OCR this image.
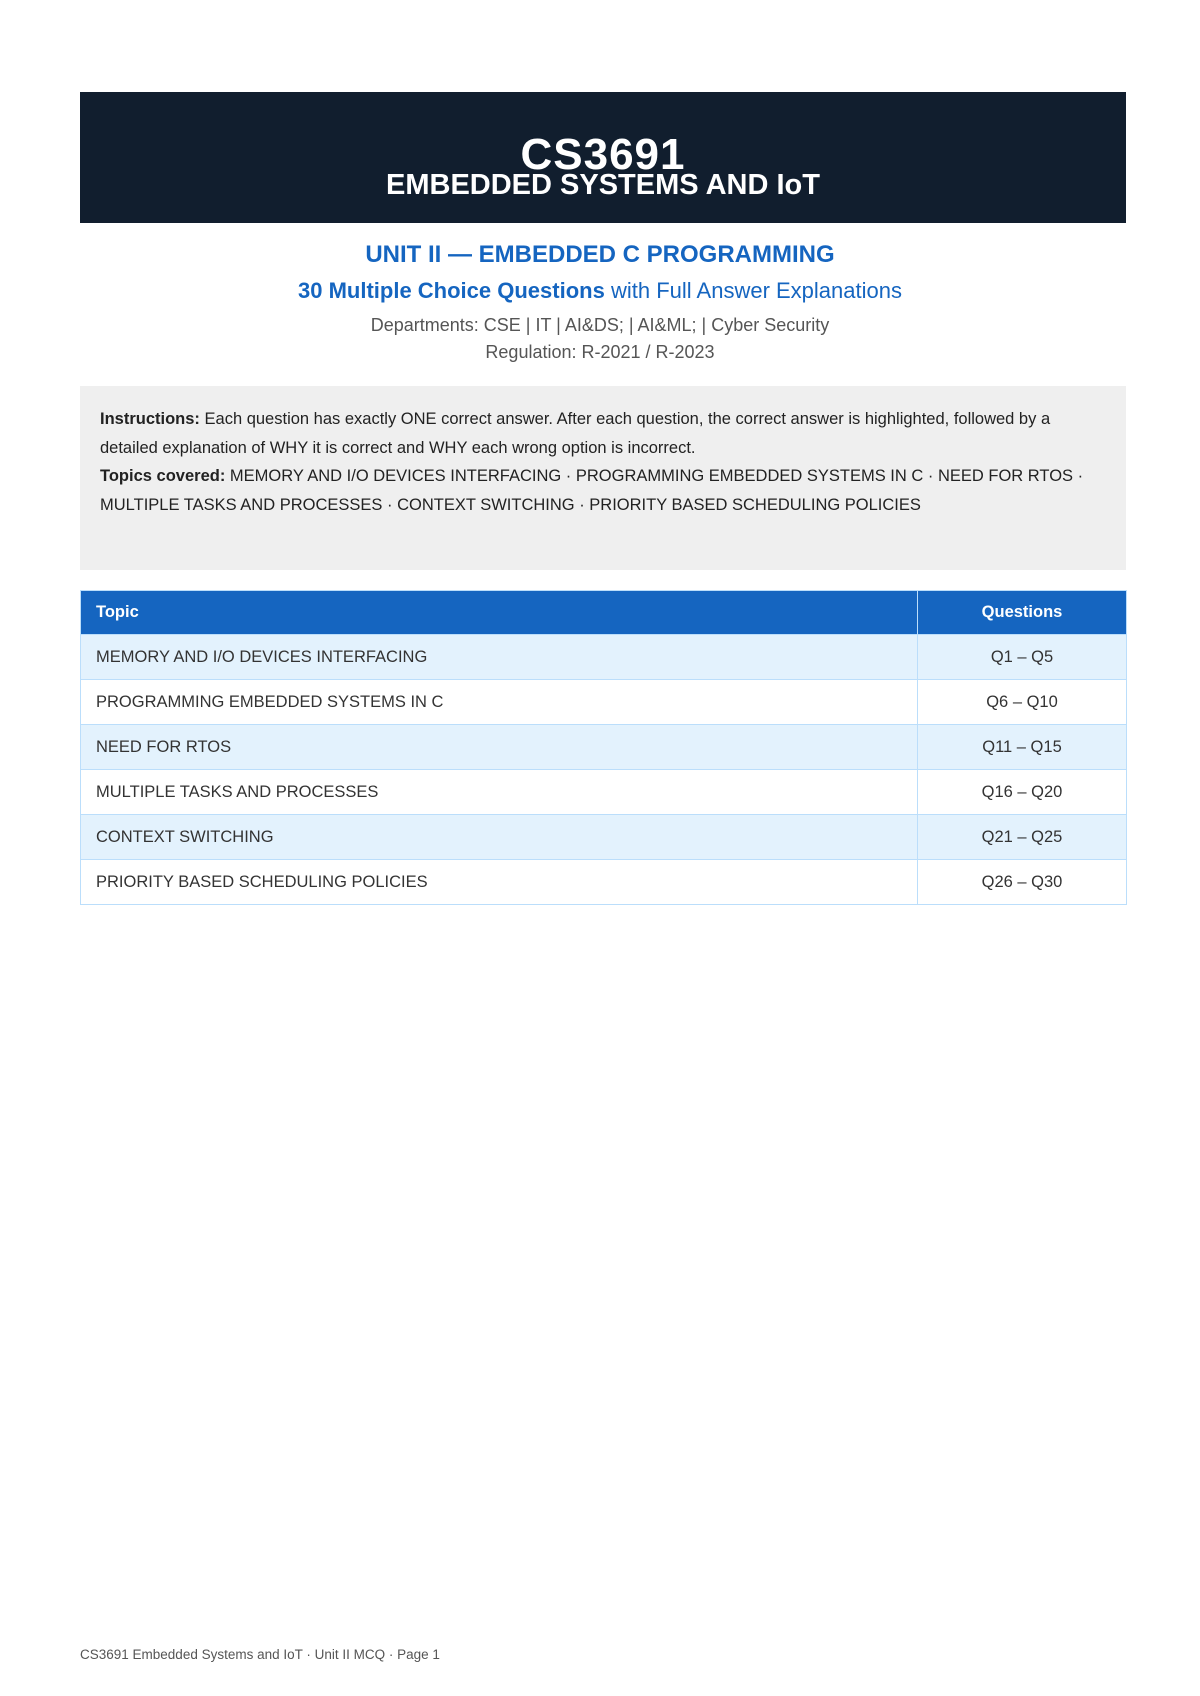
CS3691
EMBEDDED SYSTEMS AND IoT
UNIT II — EMBEDDED C PROGRAMMING
30 Multiple Choice Questions with Full Answer Explanations
Departments: CSE | IT | AI&DS; | AI&ML; | Cyber Security
Regulation: R-2021 / R-2023
Instructions: Each question has exactly ONE correct answer. After each question, the correct answer is highlighted, followed by a detailed explanation of WHY it is correct and WHY each wrong option is incorrect.
Topics covered: MEMORY AND I/O DEVICES INTERFACING · PROGRAMMING EMBEDDED SYSTEMS IN C · NEED FOR RTOS · MULTIPLE TASKS AND PROCESSES · CONTEXT SWITCHING · PRIORITY BASED SCHEDULING POLICIES
Topic	Questions
MEMORY AND I/O DEVICES INTERFACING	Q1 – Q5
PROGRAMMING EMBEDDED SYSTEMS IN C	Q6 – Q10
NEED FOR RTOS	Q11 – Q15
MULTIPLE TASKS AND PROCESSES	Q16 – Q20
CONTEXT SWITCHING	Q21 – Q25
PRIORITY BASED SCHEDULING POLICIES	Q26 – Q30
CS3691 Embedded Systems and IoT · Unit II MCQ · Page 1
